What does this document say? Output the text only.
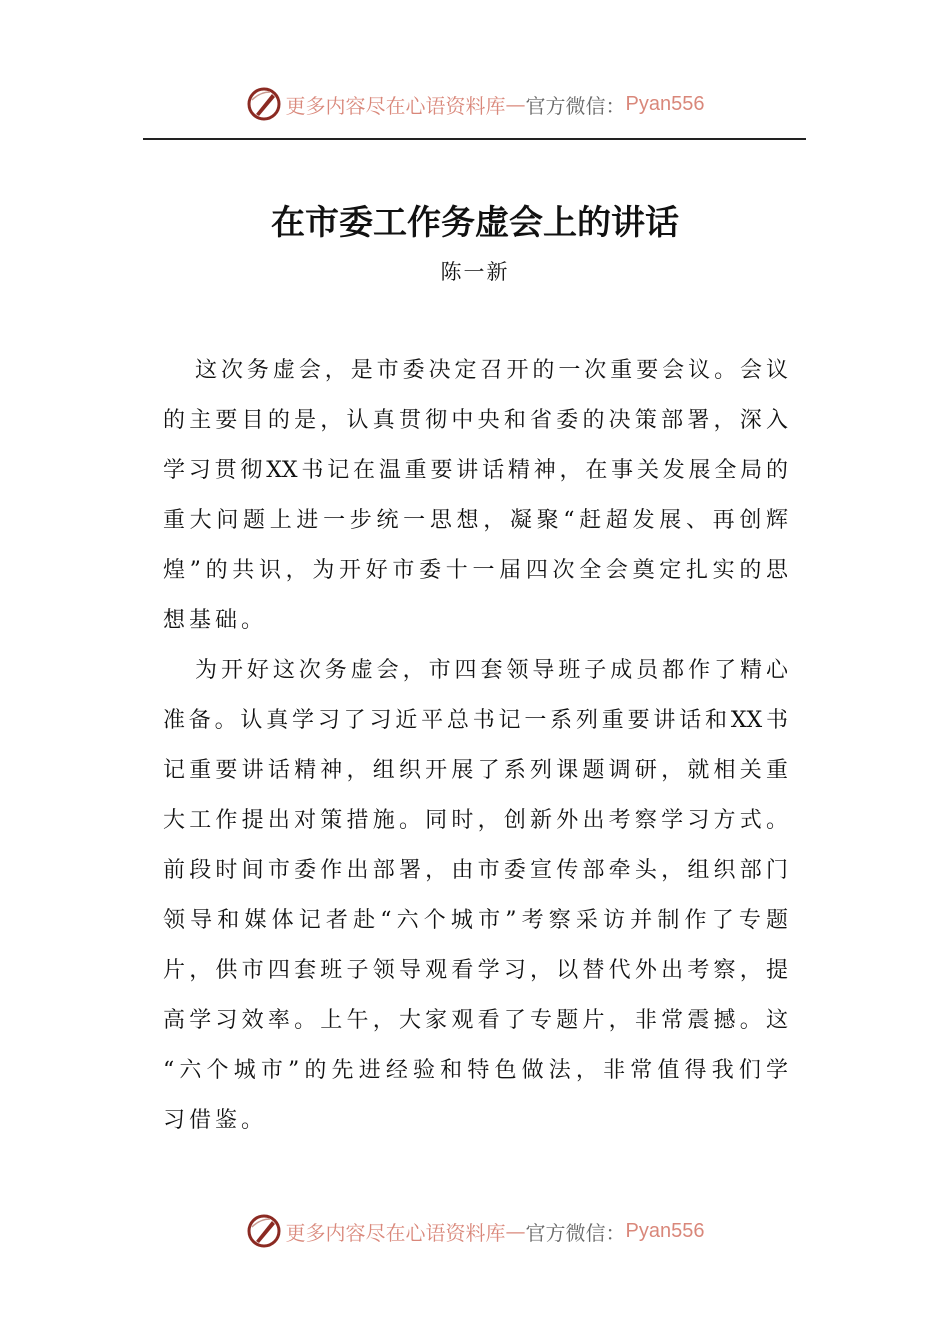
更多内容尽在心语资料库 — 官方微信： Pyan556
在市委工作务虚会上的讲话
陈一新
这次务虚会，是市委决定召开的一次重要会议。会议
的主要目的是，认真贯彻中央和省委的决策部署，深入
学习贯彻XX书记在温重要讲话精神，在事关发展全局的
重大问题上进一步统一思想，凝聚“赶超发展、再创辉
煌”的共识，为开好市委十一届四次全会奠定扎实的思
想基础。
为开好这次务虚会，市四套领导班子成员都作了精心
准备。认真学习了习近平总书记一系列重要讲话和XX书
记重要讲话精神，组织开展了系列课题调研，就相关重
大工作提出对策措施。同时，创新外出考察学习方式。
前段时间市委作出部署，由市委宣传部牵头，组织部门
领导和媒体记者赴“六个城市”考察采访并制作了专题
片，供市四套班子领导观看学习，以替代外出考察，提
高学习效率。上午，大家观看了专题片，非常震撼。这
“六个城市”的先进经验和特色做法，非常值得我们学
习借鉴。
更多内容尽在心语资料库 — 官方微信： Pyan556
